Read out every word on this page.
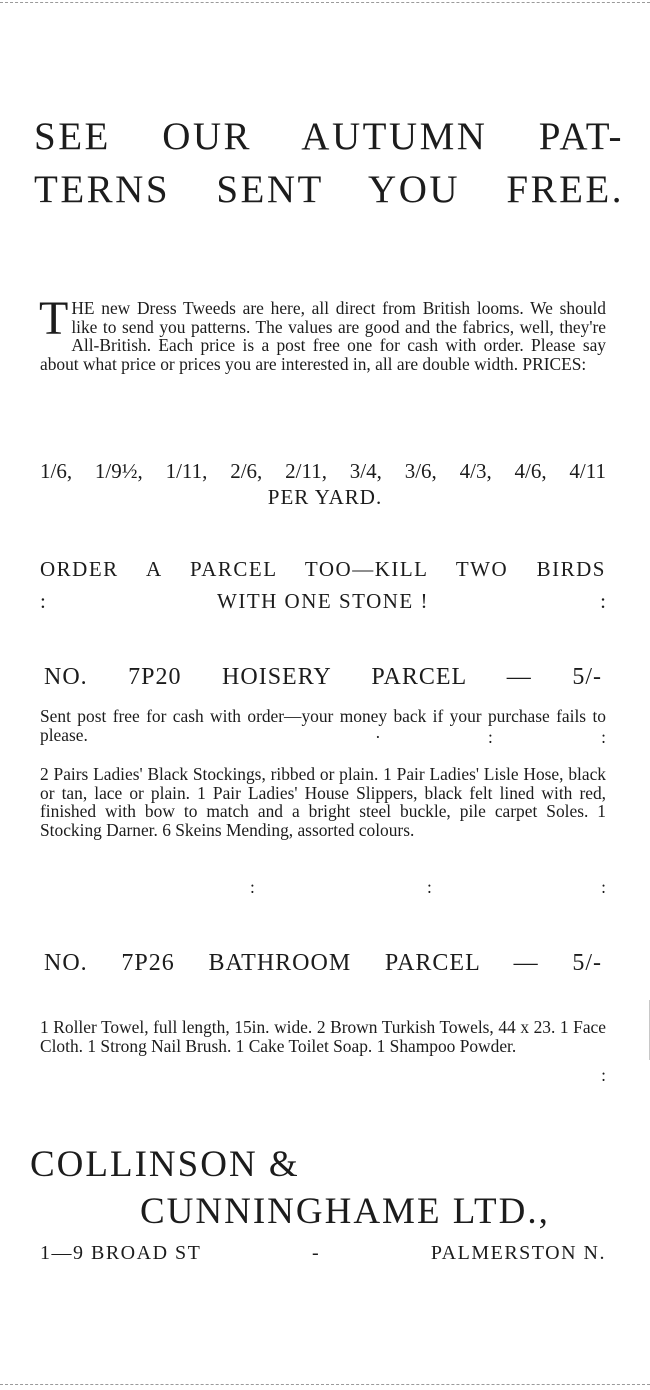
SEE OUR AUTUMN PAT-
TERNS SENT YOU FREE.
THE new Dress Tweeds are here, all direct from British looms. We should like to send you patterns. The values are good and the fabrics, well, they're All-British. Each price is a post free one for cash with order. Please say about what price or prices you are interested in, all are double width. PRICES:
1/6, 1/9½, 1/11, 2/6, 2/11, 3/4, 3/6, 4/3, 4/6, 4/11
PER YARD.
ORDER A PARCEL TOO—KILL TWO BIRDS
:	WITH ONE STONE !	:
NO. 7P20 HOISERY PARCEL — 5/-
Sent post free for cash with order—your money back if your purchase fails to please.	·	:	:
2 Pairs Ladies' Black Stockings, ribbed or plain. 1 Pair Ladies' Lisle Hose, black or tan, lace or plain. 1 Pair Ladies' House Slippers, black felt lined with red, finished with bow to match and a bright steel buckle, pile carpet Soles. 1 Stocking Darner. 6 Skeins Mending, assorted colours.
:	:	:
NO. 7P26 BATHROOM PARCEL — 5/-
1 Roller Towel, full length, 15in. wide. 2 Brown Turkish Towels, 44 x 23. 1 Face Cloth. 1 Strong Nail Brush. 1 Cake Toilet Soap. 1 Shampoo Powder.
:
COLLINSON &
CUNNINGHAME LTD.,
1—9 BROAD ST	-	PALMERSTON N.
